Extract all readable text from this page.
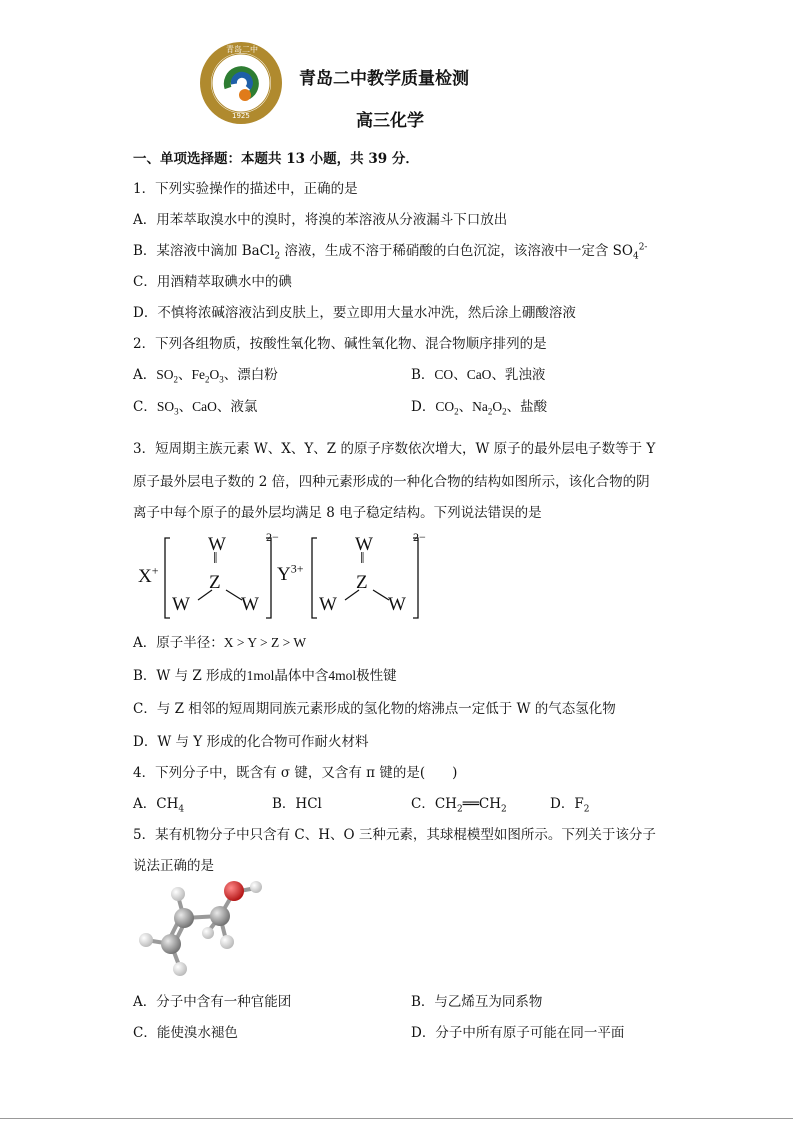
青岛二中
1925
青岛二中教学质量检测
高三化学
一、单项选择题：本题共 13 小题，共 39 分．
1．下列实验操作的描述中，正确的是
A．用苯萃取溴水中的溴时，将溴的苯溶液从分液漏斗下口放出
B．某溶液中滴加 BaCl$_2$ 溶液，生成不溶于稀硝酸的白色沉淀，该溶液中一定含 $SO_4^{2-}$
C．用酒精萃取碘水中的碘
D．不慎将浓碱溶液沾到皮肤上，要立即用大量水冲洗，然后涂上硼酸溶液
2．下列各组物质，按酸性氧化物、碱性氧化物、混合物顺序排列的是
A．$SO_2$、$Fe_2O_3$、漂白粉	B．CO、CaO、乳浊液
C．$SO_3$、CaO、液氯	D．$CO_2$、$Na_2O_2$、盐酸
3．短周期主族元素 W、X、Y、Z 的原子序数依次增大，W 原子的最外层电子数等于 Y
原子最外层电子数的 2 倍，四种元素形成的一种化合物的结构如图所示，该化合物的阴
离子中每个原子的最外层均满足 8 电子稳定结构。下列说法错误的是
X+
W
‖
Z
W	W
2−
$Y^{3+}$
W
‖
Z
W	W
2−
A．原子半径：X > Y > Z > W
B．W 与 Z 形成的1mol晶体中含4mol极性键
C．与 Z 相邻的短周期同族元素形成的氢化物的熔沸点一定低于 W 的气态氢化物
D．W 与 Y 形成的化合物可作耐火材料
4．下列分子中，既含有 σ 键，又含有 π 键的是(　　)
A．$CH_4$	B．HCl	C．$CH_2══CH_2$	D．$F_2$
5．某有机物分子中只含有 C、H、O 三种元素，其球棍模型如图所示。下列关于该分子
说法正确的是
A．分子中含有一种官能团	B．与乙烯互为同系物
C．能使溴水褪色	D．分子中所有原子可能在同一平面
